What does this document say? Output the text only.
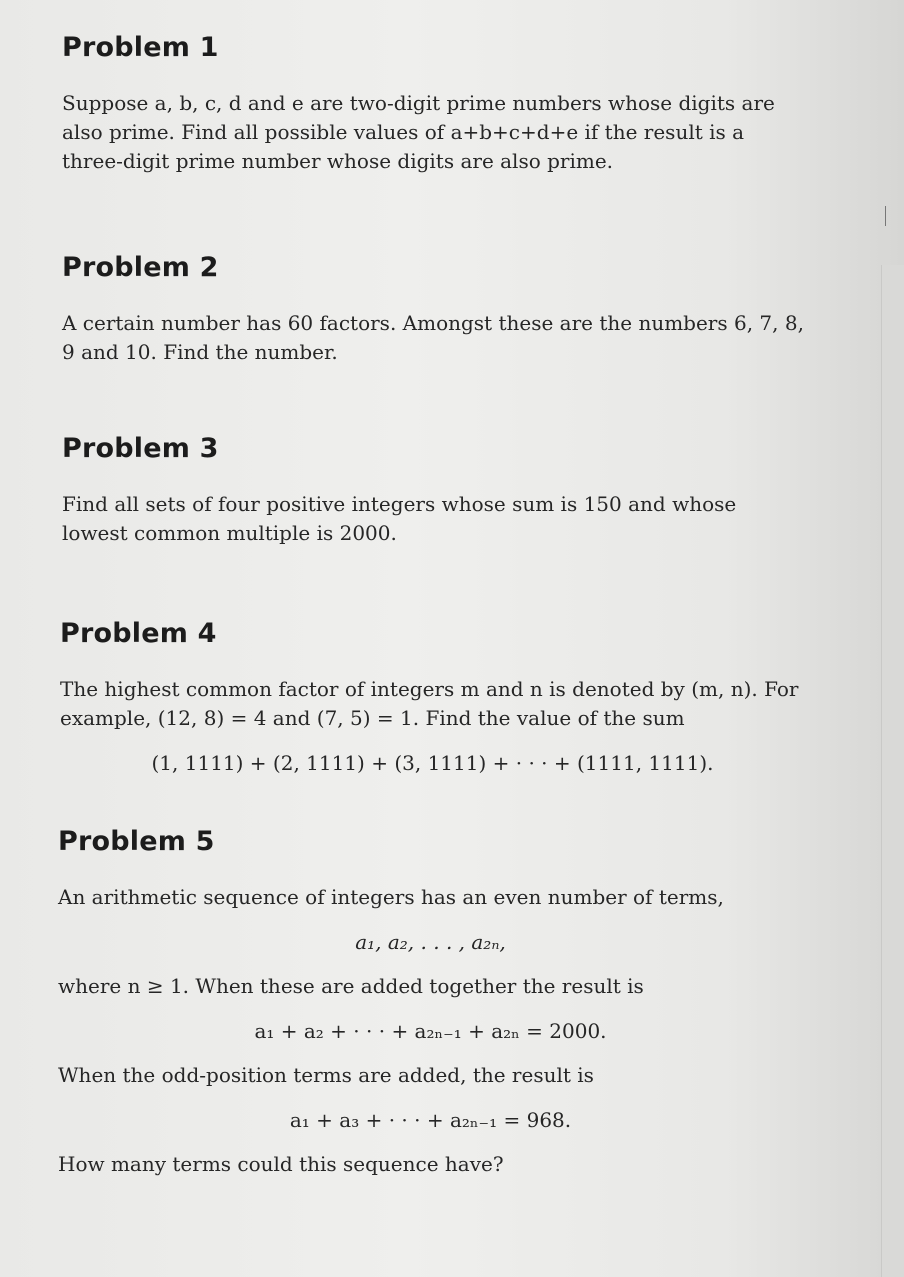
Problem 1

Suppose a, b, c, d and e are two-digit prime numbers whose digits are also prime. Find all possible values of a+b+c+d+e if the result is a three-digit prime number whose digits are also prime.

Problem 2

A certain number has 60 factors. Amongst these are the numbers 6, 7, 8, 9 and 10. Find the number.

Problem 3

Find all sets of four positive integers whose sum is 150 and whose lowest common multiple is 2000.

Problem 4

The highest common factor of integers m and n is denoted by (m, n). For example, (12, 8) = 4 and (7, 5) = 1. Find the value of the sum

(1, 1111) + (2, 1111) + (3, 1111) + · · · + (1111, 1111).
Problem 5

An arithmetic sequence of integers has an even number of terms,

a₁, a₂, . . . , a₂ₙ,

where n ≥ 1. When these are added together the result is

a₁ + a₂ + · · · + a₂ₙ₋₁ + a₂ₙ = 2000.

When the odd-position terms are added, the result is

a₁ + a₃ + · · · + a₂ₙ₋₁ = 968.

How many terms could this sequence have?
